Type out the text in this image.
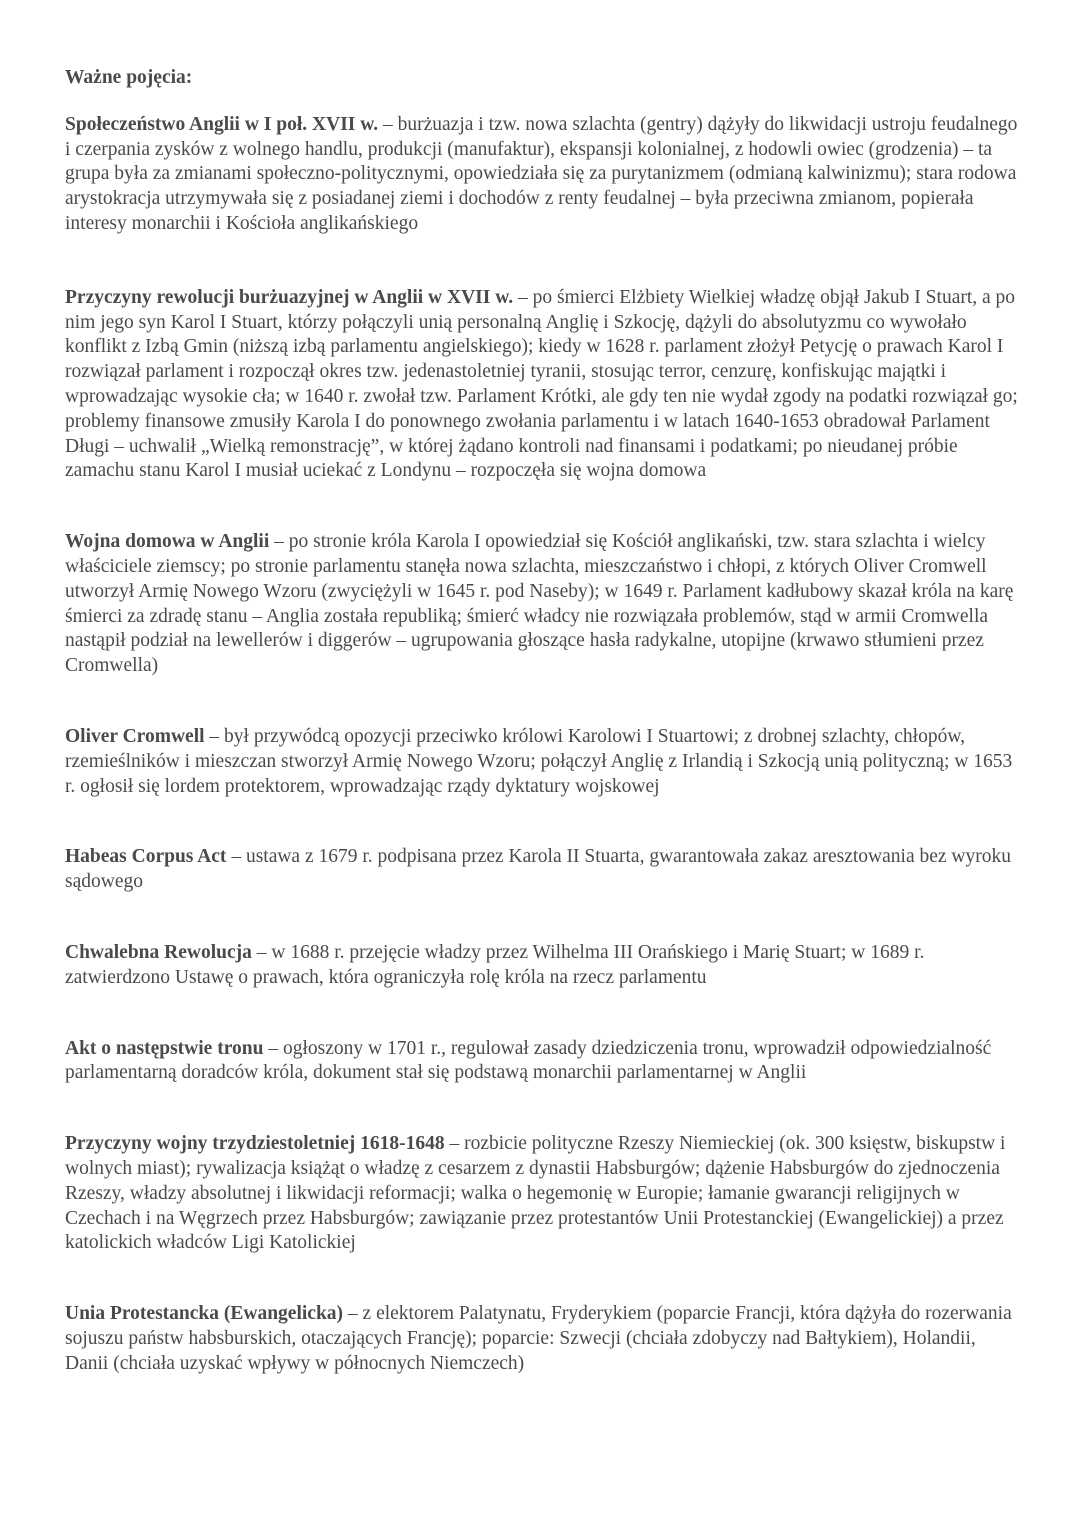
Ważne pojęcia:

Społeczeństwo Anglii w I poł. XVII w. – burżuazja i tzw. nowa szlachta (gentry) dążyły do likwidacji ustroju feudalnego i czerpania zysków z wolnego handlu, produkcji (manufaktur), ekspansji kolonialnej, z hodowli owiec (grodzenia) – ta grupa była za zmianami społeczno-politycznymi, opowiedziała się za purytanizmem (odmianą kalwinizmu); stara rodowa arystokracja utrzymywała się z posiadanej ziemi i dochodów z renty feudalnej – była przeciwna zmianom, popierała interesy monarchii i Kościoła anglikańskiego

Przyczyny rewolucji burżuazyjnej w Anglii w XVII w. – po śmierci Elżbiety Wielkiej władzę objął Jakub I Stuart, a po nim jego syn Karol I Stuart, którzy połączyli unią personalną Anglię i Szkocję, dążyli do absolutyzmu co wywołało konflikt z Izbą Gmin (niższą izbą parlamentu angielskiego); kiedy w 1628 r. parlament złożył Petycję o prawach Karol I rozwiązał parlament i rozpoczął okres tzw. jedenastoletniej tyranii, stosując terror, cenzurę, konfiskując majątki i wprowadzając wysokie cła; w 1640 r. zwołał tzw. Parlament Krótki, ale gdy ten nie wydał zgody na podatki rozwiązał go; problemy finansowe zmusiły Karola I do ponownego zwołania parlamentu i w latach 1640-1653 obradował Parlament Długi – uchwalił „Wielką remonstrację”, w której żądano kontroli nad finansami i podatkami; po nieudanej próbie zamachu stanu Karol I musiał uciekać z Londynu – rozpoczęła się wojna domowa

Wojna domowa w Anglii – po stronie króla Karola I opowiedział się Kościół anglikański, tzw. stara szlachta i wielcy właściciele ziemscy; po stronie parlamentu stanęła nowa szlachta, mieszczaństwo i chłopi, z których Oliver Cromwell utworzył Armię Nowego Wzoru (zwyciężyli w 1645 r. pod Naseby); w 1649 r. Parlament kadłubowy skazał króla na karę śmierci za zdradę stanu – Anglia została republiką; śmierć władcy nie rozwiązała problemów, stąd w armii Cromwella nastąpił podział na lewellerów i diggerów – ugrupowania głoszące hasła radykalne, utopijne (krwawo stłumieni przez Cromwella)

Oliver Cromwell – był przywódcą opozycji przeciwko królowi Karolowi I Stuartowi; z drobnej szlachty, chłopów, rzemieślników i mieszczan stworzył Armię Nowego Wzoru; połączył Anglię z Irlandią i Szkocją unią polityczną; w 1653 r. ogłosił się lordem protektorem, wprowadzając rządy dyktatury wojskowej

Habeas Corpus Act – ustawa z 1679 r. podpisana przez Karola II Stuarta, gwarantowała zakaz aresztowania bez wyroku sądowego

Chwalebna Rewolucja – w 1688 r. przejęcie władzy przez Wilhelma III Orańskiego i Marię Stuart; w 1689 r. zatwierdzono Ustawę o prawach, która ograniczyła rolę króla na rzecz parlamentu

Akt o następstwie tronu – ogłoszony w 1701 r., regulował zasady dziedziczenia tronu, wprowadził odpowiedzialność parlamentarną doradców króla, dokument stał się podstawą monarchii parlamentarnej w Anglii

Przyczyny wojny trzydziestoletniej 1618-1648 – rozbicie polityczne Rzeszy Niemieckiej (ok. 300 księstw, biskupstw i wolnych miast); rywalizacja książąt o władzę z cesarzem z dynastii Habsburgów; dążenie Habsburgów do zjednoczenia Rzeszy, władzy absolutnej i likwidacji reformacji; walka o hegemonię w Europie; łamanie gwarancji religijnych w Czechach i na Węgrzech przez Habsburgów; zawiązanie przez protestantów Unii Protestanckiej (Ewangelickiej) a przez katolickich władców Ligi Katolickiej

Unia Protestancka (Ewangelicka) – z elektorem Palatynatu, Fryderykiem (poparcie Francji, która dążyła do rozerwania sojuszu państw habsburskich, otaczających Francję); poparcie: Szwecji (chciała zdobyczy nad Bałtykiem), Holandii, Danii (chciała uzyskać wpływy w północnych Niemczech)
